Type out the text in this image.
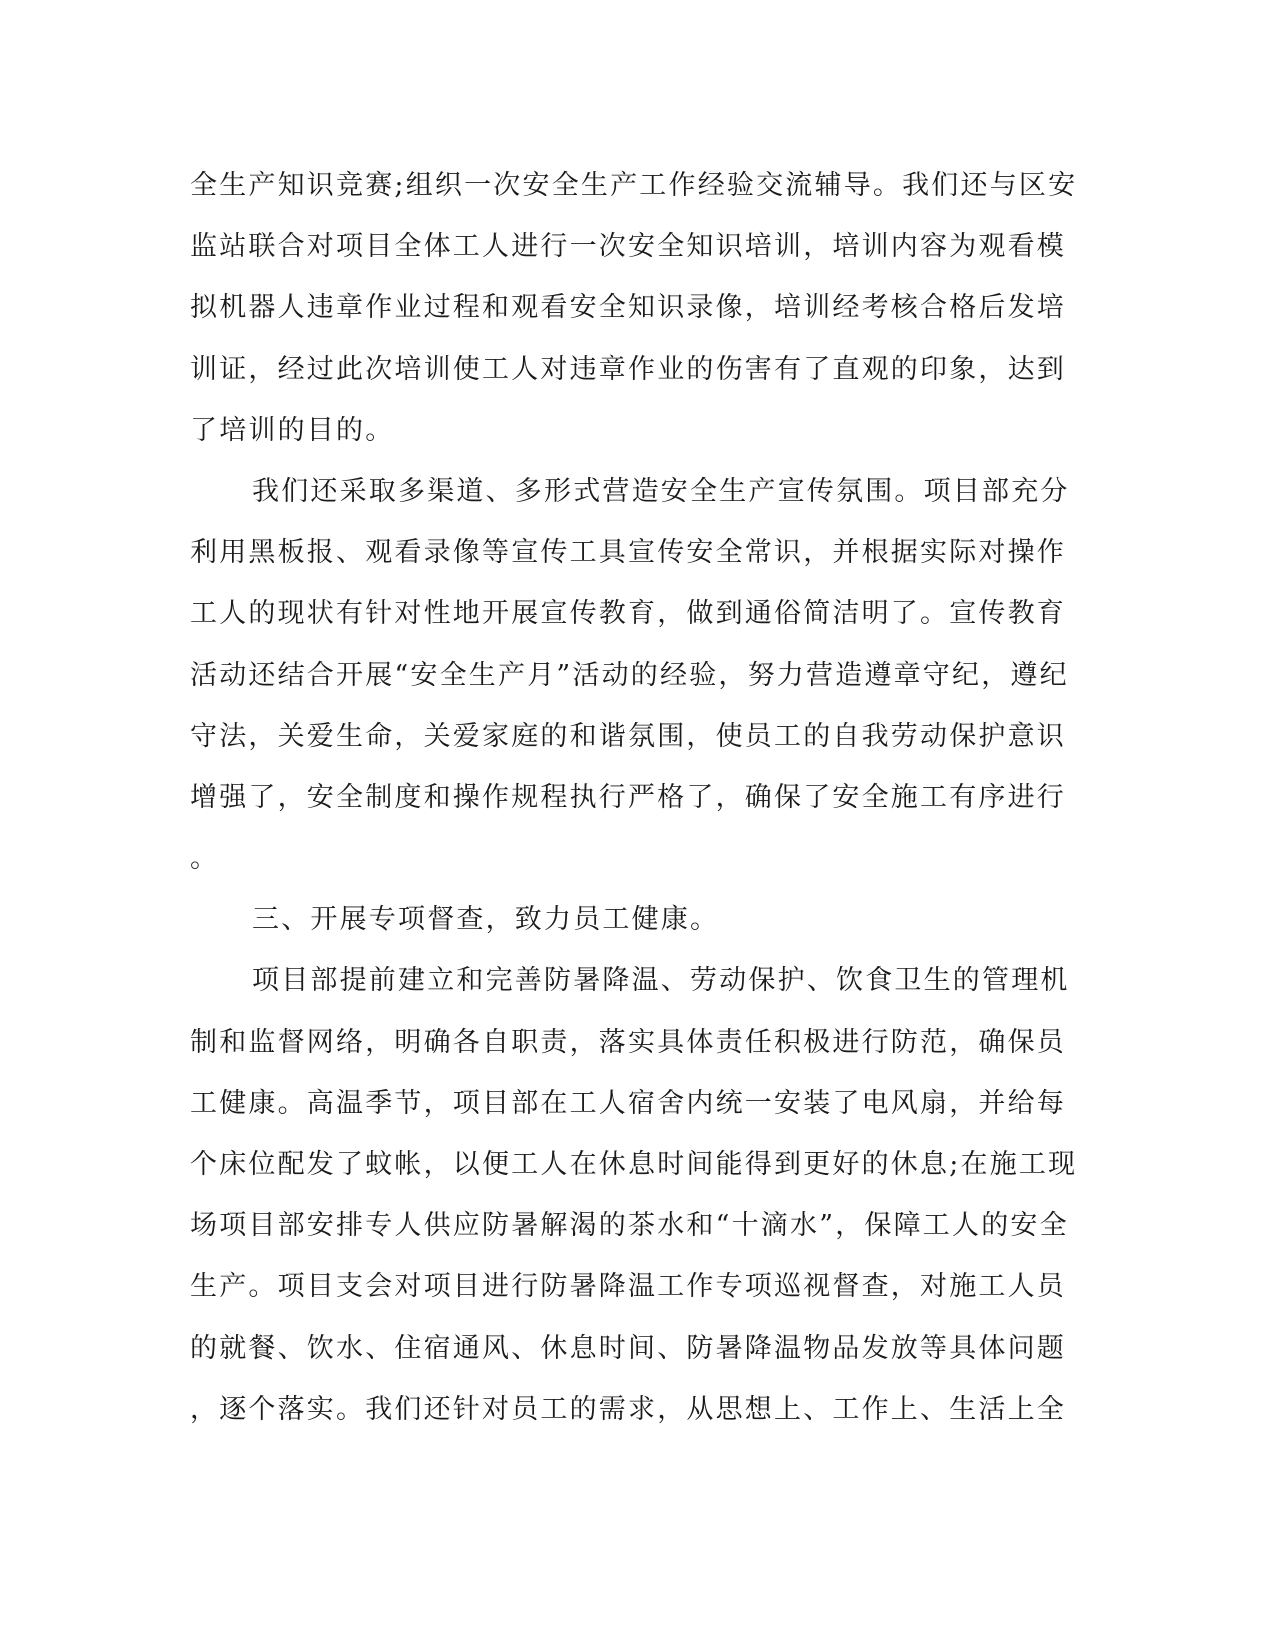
全生产知识竞赛;组织一次安全生产工作经验交流辅导。我们还与区安
监站联合对项目全体工人进行一次安全知识培训，培训内容为观看模
拟机器人违章作业过程和观看安全知识录像，培训经考核合格后发培
训证，经过此次培训使工人对违章作业的伤害有了直观的印象，达到
了培训的目的。
我们还采取多渠道、多形式营造安全生产宣传氛围。项目部充分
利用黑板报、观看录像等宣传工具宣传安全常识，并根据实际对操作
工人的现状有针对性地开展宣传教育，做到通俗简洁明了。宣传教育
活动还结合开展“安全生产月”活动的经验，努力营造遵章守纪，遵纪
守法，关爱生命，关爱家庭的和谐氛围，使员工的自我劳动保护意识
增强了，安全制度和操作规程执行严格了，确保了安全施工有序进行
。
三、开展专项督查，致力员工健康。
项目部提前建立和完善防暑降温、劳动保护、饮食卫生的管理机
制和监督网络，明确各自职责，落实具体责任积极进行防范，确保员
工健康。高温季节，项目部在工人宿舍内统一安装了电风扇，并给每
个床位配发了蚊帐，以便工人在休息时间能得到更好的休息;在施工现
场项目部安排专人供应防暑解渴的茶水和“十滴水”，保障工人的安全
生产。项目支会对项目进行防暑降温工作专项巡视督查，对施工人员
的就餐、饮水、住宿通风、休息时间、防暑降温物品发放等具体问题
，逐个落实。我们还针对员工的需求，从思想上、工作上、生活上全
